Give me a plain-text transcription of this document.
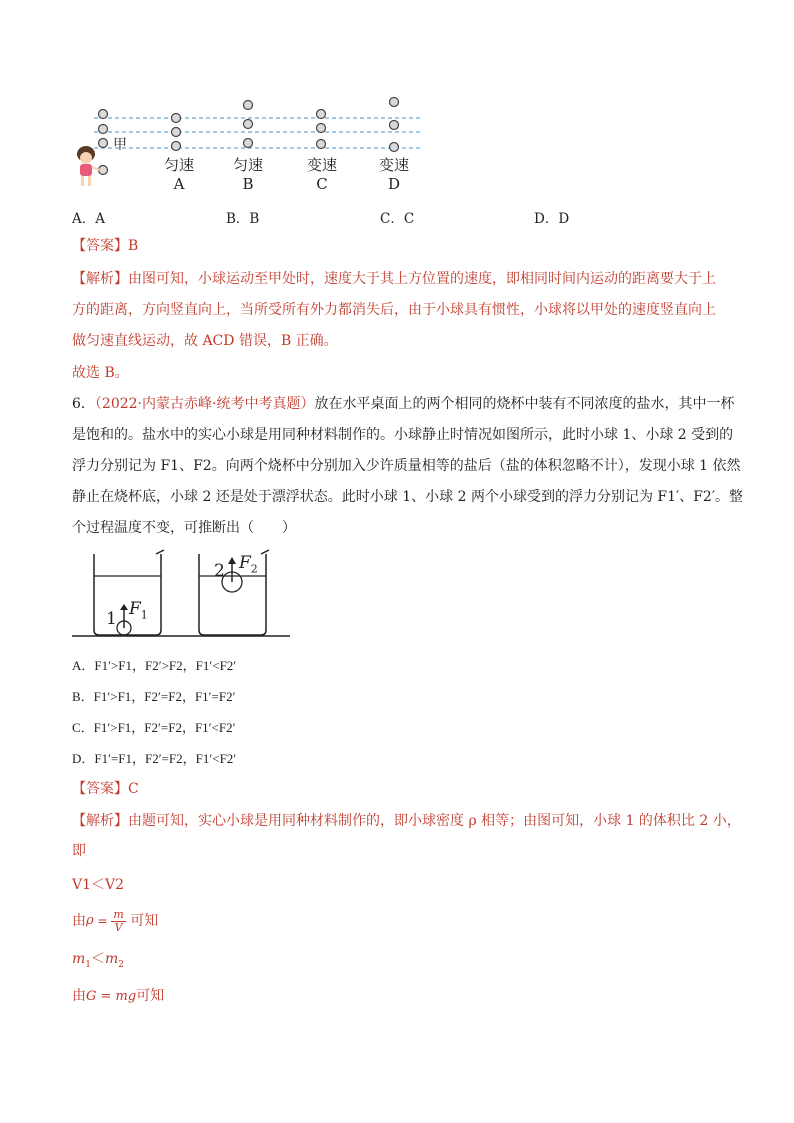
甲
匀速
A
匀速
B
变速
C
变速
D
A．A	B．B	C．C	D．D
【答案】B
【解析】由图可知，小球运动至甲处时，速度大于其上方位置的速度，即相同时间内运动的距离要大于上
方的距离，方向竖直向上，当所受所有外力都消失后，由于小球具有惯性，小球将以甲处的速度竖直向上
做匀速直线运动，故 ACD 错误，B 正确。
故选 B。
6．（2022·内蒙古赤峰·统考中考真题）放在水平桌面上的两个相同的烧杯中装有不同浓度的盐水，其中一杯
是饱和的。盐水中的实心小球是用同种材料制作的。小球静止时情况如图所示，此时小球 1、小球 2 受到的
浮力分别记为 F1、F2。向两个烧杯中分别加入少许质量相等的盐后（盐的体积忽略不计），发现小球 1 依然
静止在烧杯底，小球 2 还是处于漂浮状态。此时小球 1、小球 2 两个小球受到的浮力分别记为 F1′、F2′。整
个过程温度不变，可推断出（　　）
1 $F_1$
2 $F_2$
A．F1′>F1，F2′>F2，F1′<F2′
B．F1′>F1，F2′=F2，F1′=F2′
C．F1′>F1，F2′=F2，F1′<F2′
D．F1′=F1，F2′=F2，F1′<F2′
【答案】C
【解析】由题可知，实心小球是用同种材料制作的，即小球密度 ρ 相等；由图可知，小球 1 的体积比 2 小，
即
V1＜V2
由 $\rho = \frac{m}{V}$ 可知
$m_1<m_2$
由G = mg可知
